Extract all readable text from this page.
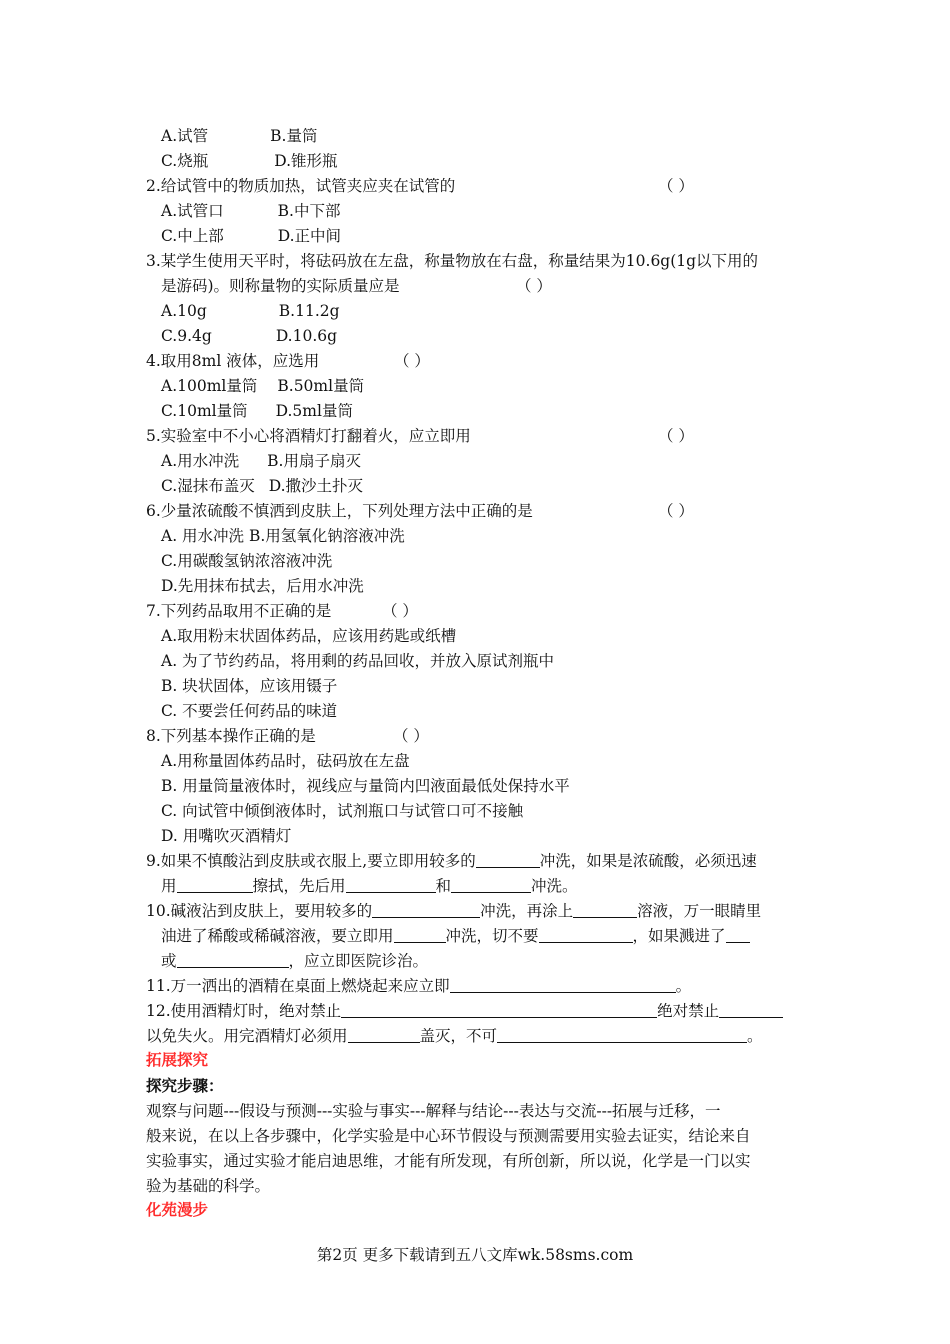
A.试管	B.量筒
C.烧瓶	D.锥形瓶
2.给试管中的物质加热，试管夹应夹在试管的	（ ）
A.试管口	B.中下部
C.中上部	D.正中间
3.某学生使用天平时，将砝码放在左盘，称量物放在右盘，称量结果为10.6g(1g以下用的
是游码)。则称量物的实际质量应是	（ ）
A.10g	B.11.2g
C.9.4g	D.10.6g
4.取用8ml 液体，应选用	（ ）
A.100ml量筒 B.50ml量筒
C.10ml量筒 D.5ml量筒
5.实验室中不小心将酒精灯打翻着火，应立即用	（ ）
A.用水冲洗 B.用扇子扇灭
C.湿抹布盖灭 D.撒沙土扑灭
6.少量浓硫酸不慎洒到皮肤上，下列处理方法中正确的是	（ ）
A. 用水冲洗 B.用氢氧化钠溶液冲洗
C.用碳酸氢钠浓溶液冲洗
D.先用抹布拭去，后用水冲洗
7.下列药品取用不正确的是	（ ）
A.取用粉末状固体药品，应该用药匙或纸槽
A. 为了节约药品，将用剩的药品回收，并放入原试剂瓶中
B. 块状固体，应该用镊子
C. 不要尝任何药品的味道
8.下列基本操作正确的是	（ ）
A.用称量固体药品时，砝码放在左盘
B. 用量筒量液体时，视线应与量筒内凹液面最低处保持水平
C. 向试管中倾倒液体时，试剂瓶口与试管口可不接触
D. 用嘴吹灭酒精灯
9.如果不慎酸沾到皮肤或衣服上,要立即用较多的	冲洗，如果是浓硫酸，必须迅速
用	擦拭，先后用	和	冲洗。
10.碱液沾到皮肤上，要用较多的	冲洗，再涂上	溶液，万一眼睛里
油进了稀酸或稀碱溶液，要立即用	冲洗，切不要	，如果溅进了
或	，应立即医院诊治。
11.万一洒出的酒精在桌面上燃烧起来应立即	。
12.使用酒精灯时，绝对禁止	绝对禁止
以免失火。用完酒精灯必须用	盖灭，不可	。
拓展探究
探究步骤：
观察与问题---假设与预测---实验与事实---解释与结论---表达与交流---拓展与迁移，一
般来说，在以上各步骤中，化学实验是中心环节假设与预测需要用实验去证实，结论来自
实验事实，通过实验才能启迪思维，才能有所发现，有所创新，所以说，化学是一门以实
验为基础的科学。
化苑漫步
第2页 更多下载请到五八文库wk.58sms.com
